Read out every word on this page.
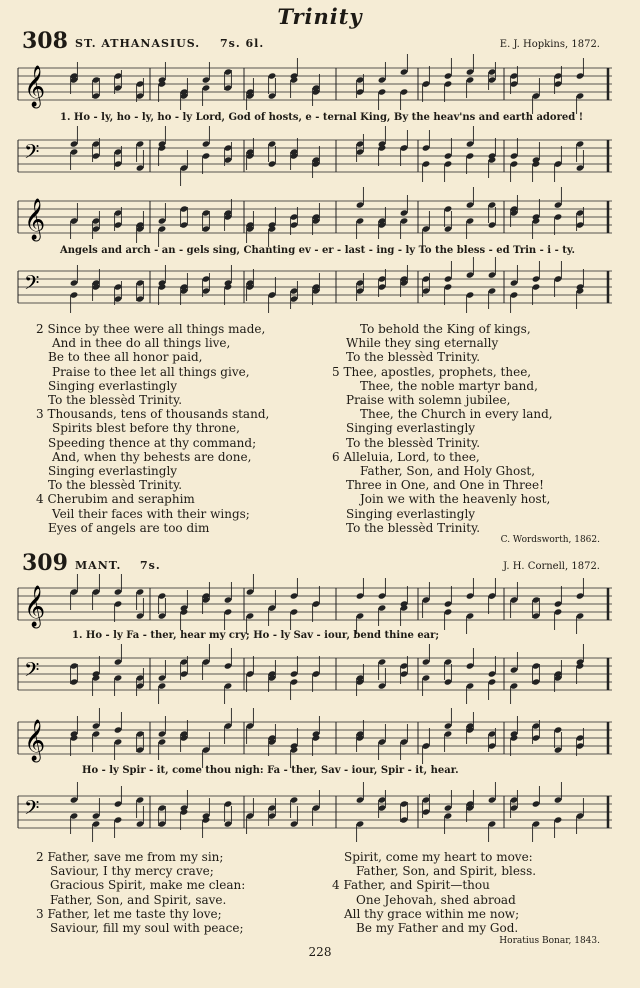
Trinity
308 ST. ATHANASIUS. 7s. 6l.	E. J. Hopkins, 1872.
𝄞
1. Ho - ly, ho - ly, ho - ly Lord, God of hosts, e - ternal King, By the heav'ns and earth adored !
𝄢
𝄞
Angels and arch - an - gels sing, Chanting ev - er - last - ing - ly To the bless - ed Trin - i - ty.
𝄢
2 Since by thee were all things made,
And in thee do all things live,
Be to thee all honor paid,
Praise to thee let all things give,
Singing everlastingly
To the blessèd Trinity.
3 Thousands, tens of thousands stand,
Spirits blest before thy throne,
Speeding thence at thy command;
And, when thy behests are done,
Singing everlastingly
To the blessèd Trinity.
4 Cherubim and seraphim
Veil their faces with their wings;
Eyes of angels are too dim
To behold the King of kings,
While they sing eternally
To the blessèd Trinity.
5 Thee, apostles, prophets, thee,
Thee, the noble martyr band,
Praise with solemn jubilee,
Thee, the Church in every land,
Singing everlastingly
To the blessèd Trinity.
6 Alleluia, Lord, to thee,
Father, Son, and Holy Ghost,
Three in One, and One in Three!
Join we with the heavenly host,
Singing everlastingly
To the blessèd Trinity.
C. Wordsworth, 1862.
309 MANT. 7s.	J. H. Cornell, 1872.
𝄞
1. Ho - ly Fa - ther, hear my cry; Ho - ly Sav - iour, bend thine ear;
𝄢
𝄞
Ho - ly Spir - it, come thou nigh: Fa - ther, Sav - iour, Spir - it, hear.
𝄢
2 Father, save me from my sin;
Saviour, I thy mercy crave;
Gracious Spirit, make me clean:
Father, Son, and Spirit, save.
3 Father, let me taste thy love;
Saviour, fill my soul with peace;
Spirit, come my heart to move:
Father, Son, and Spirit, bless.
4 Father, and Spirit—thou
One Jehovah, shed abroad
All thy grace within me now;
Be my Father and my God.
Horatius Bonar, 1843.
228
